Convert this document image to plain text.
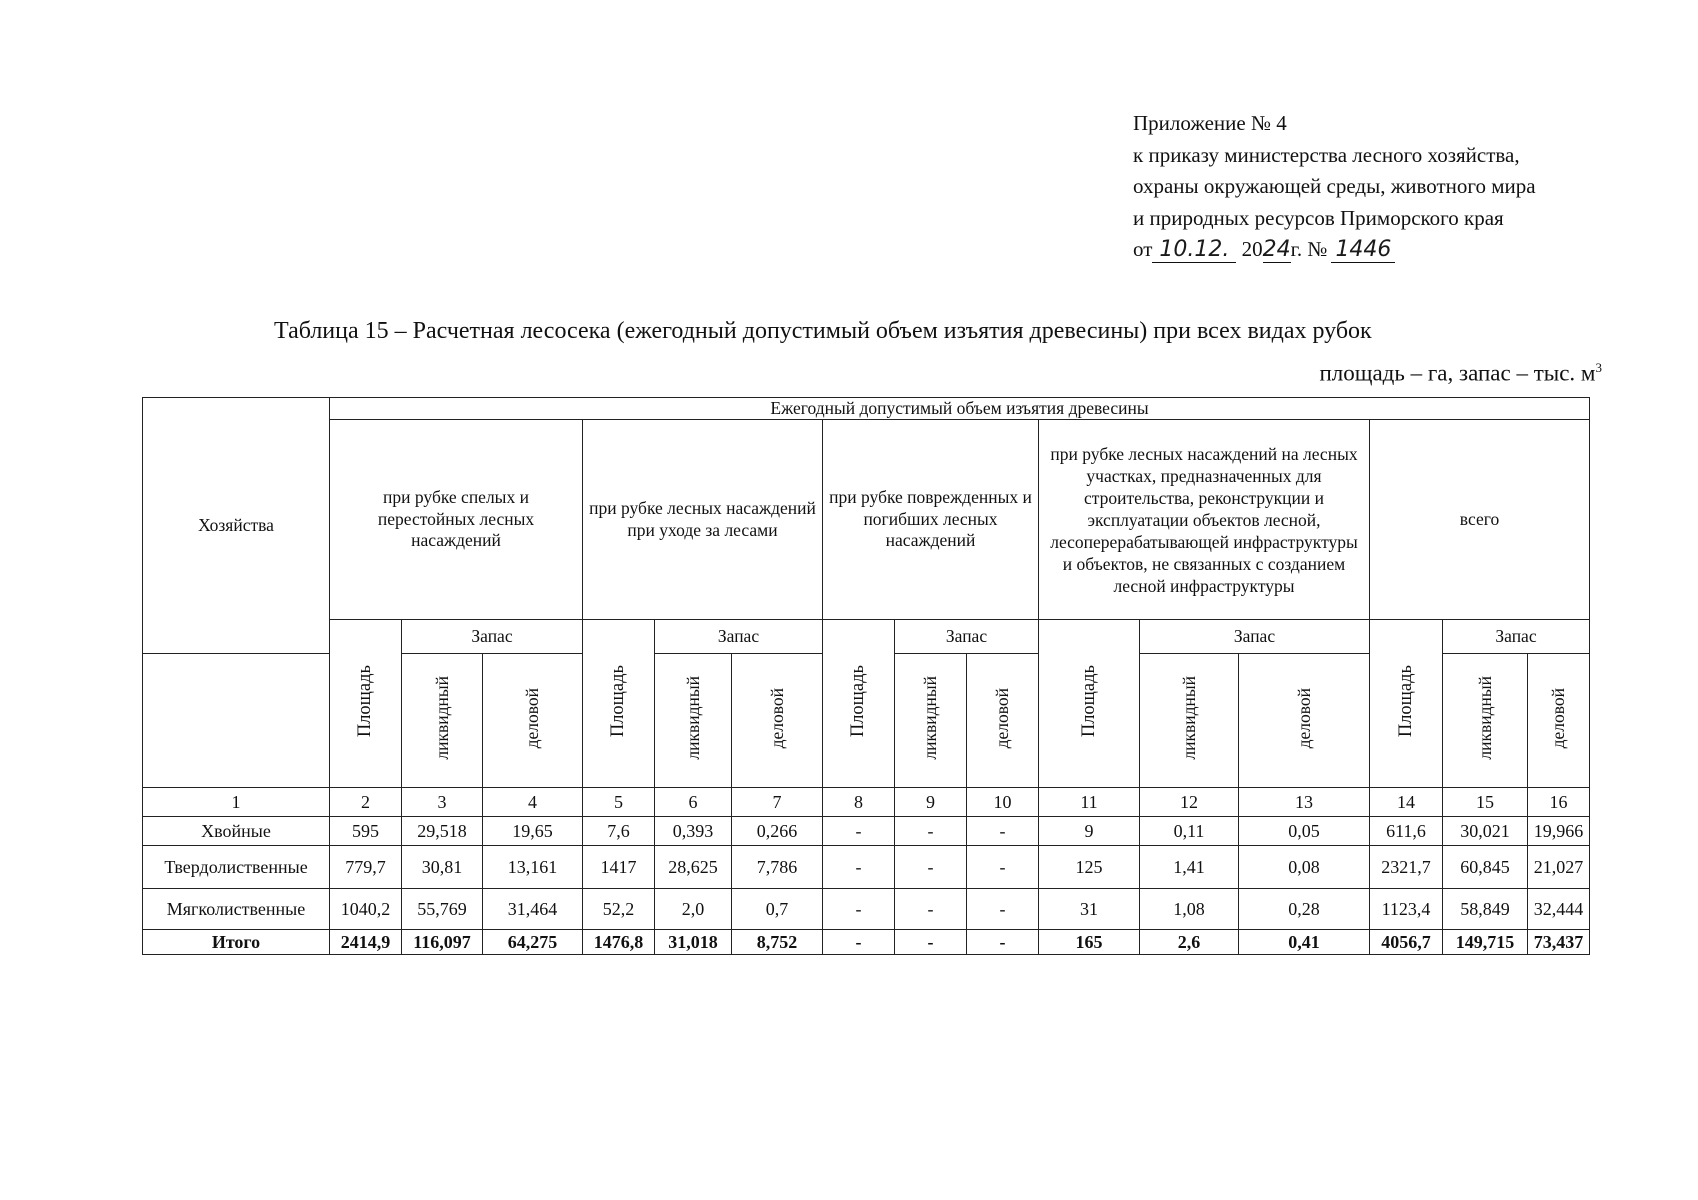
Приложение № 4
к приказу министерства лесного хозяйства,
охраны окружающей среды, животного мира
и природных ресурсов Приморского края
от 10.12. 2024г. № 1446
Таблица 15 – Расчетная лесосека (ежегодный допустимый объем изъятия древесины) при всех видах рубок
площадь – га, запас – тыс. $м^3$
Хозяйства	Ежегодный допустимый объем изъятия древесины														
	при рубке спелых и перестойных лесных насаждений			при рубке лесных насаждений при уходе за лесами			при рубке поврежденных и погибших лесных насаждений			при рубке лесных насаждений на лесных участках, предназначенных для строительства, реконструкции и эксплуатации объектов лесной, лесоперерабатывающей инфраструктуры и объектов, не связанных с созданием лесной инфраструктуры			всего		
	Площадь	Запас		Площадь	Запас		Площадь	Запас		Площадь	Запас		Площадь	Запас	
		ликвидный	деловой		ликвидный	деловой		ликвидный	деловой		ликвидный	деловой		ликвидный	деловой
1	2	3	4	5	6	7	8	9	10	11	12	13	14	15	16
Хвойные	595	29,518	19,65	7,6	0,393	0,266	-	-	-	9	0,11	0,05	611,6	30,021	19,966
Твердолиственные	779,7	30,81	13,161	1417	28,625	7,786	-	-	-	125	1,41	0,08	2321,7	60,845	21,027
Мягколиственные	1040,2	55,769	31,464	52,2	2,0	0,7	-	-	-	31	1,08	0,28	1123,4	58,849	32,444
Итого	2414,9	116,097	64,275	1476,8	31,018	8,752	-	-	-	165	2,6	0,41	4056,7	149,715	73,437
